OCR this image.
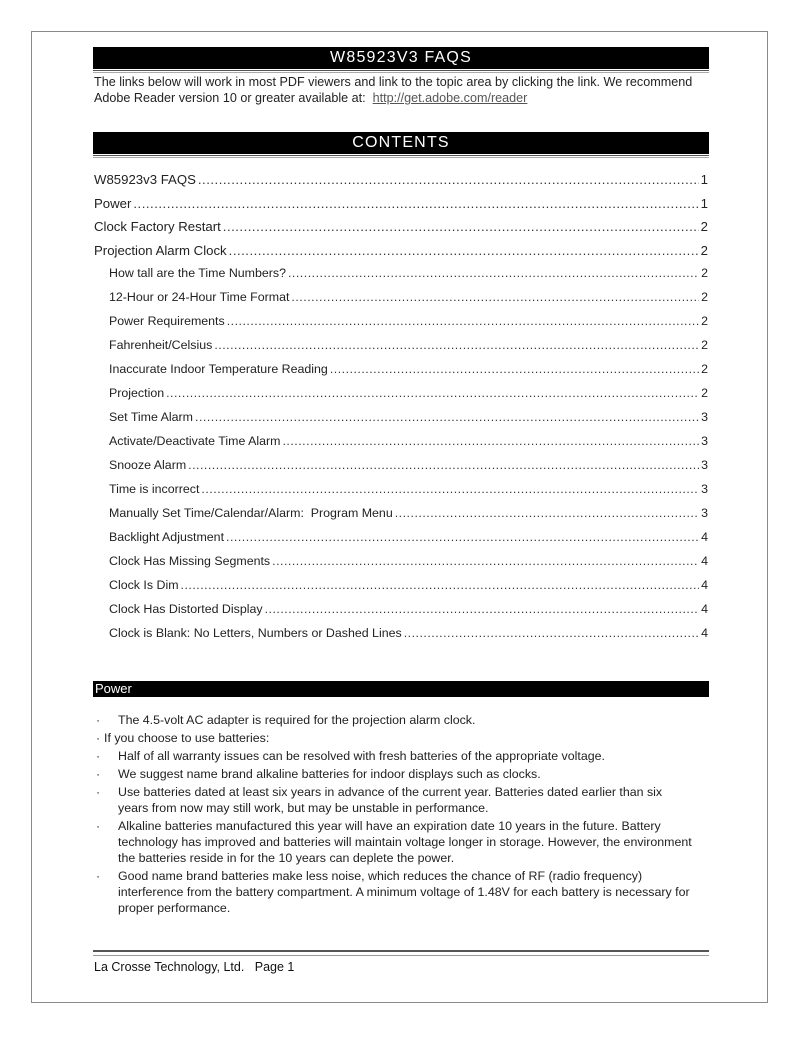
W85923V3 FAQS
The links below will work in most PDF viewers and link to the topic area by clicking the link. We recommend Adobe Reader version 10 or greater available at: http://get.adobe.com/reader
CONTENTS
W85923v3 FAQS .....	1
Power .....	1
Clock Factory Restart .....	2
Projection Alarm Clock .....	2
How tall are the Time Numbers? .....	2
12-Hour or 24-Hour Time Format .....	2
Power Requirements .....	2
Fahrenheit/Celsius .....	2
Inaccurate Indoor Temperature Reading .....	2
Projection .....	2
Set Time Alarm .....	3
Activate/Deactivate Time Alarm .....	3
Snooze Alarm .....	3
Time is incorrect .....	3
Manually Set Time/Calendar/Alarm:  Program Menu .....	3
Backlight Adjustment .....	4
Clock Has Missing Segments .....	4
Clock Is Dim .....	4
Clock Has Distorted Display .....	4
Clock is Blank: No Letters, Numbers or Dashed Lines .....	4
Power
· The 4.5-volt AC adapter is required for the projection alarm clock.
· If you choose to use batteries:
· Half of all warranty issues can be resolved with fresh batteries of the appropriate voltage.
· We suggest name brand alkaline batteries for indoor displays such as clocks.
· Use batteries dated at least six years in advance of the current year. Batteries dated earlier than six years from now may still work, but may be unstable in performance.
· Alkaline batteries manufactured this year will have an expiration date 10 years in the future. Battery technology has improved and batteries will maintain voltage longer in storage. However, the environment the batteries reside in for the 10 years can deplete the power.
· Good name brand batteries make less noise, which reduces the chance of RF (radio frequency) interference from the battery compartment. A minimum voltage of 1.48V for each battery is necessary for proper performance.
La Crosse Technology, Ltd. Page 1
